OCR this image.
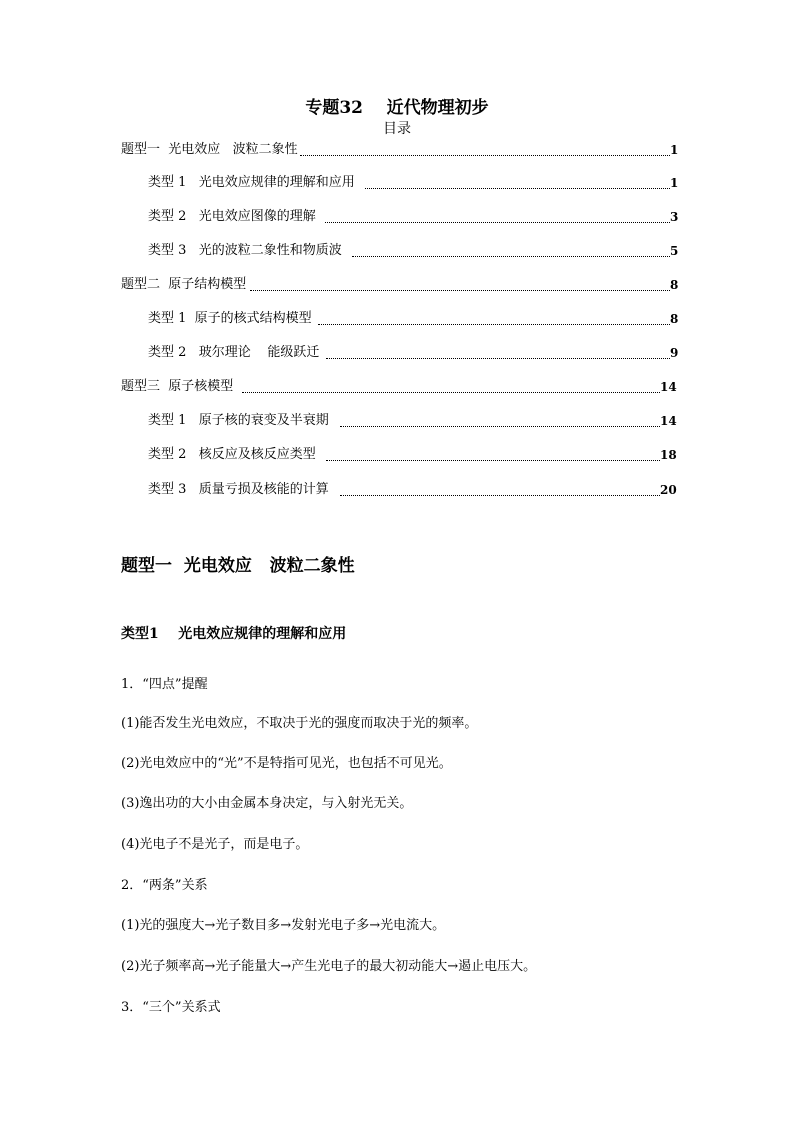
专题32    近代物理初步
目录
题型一  光电效应   波粒二象性	1
类型 1   光电效应规律的理解和应用	1
类型 2   光电效应图像的理解	3
类型 3   光的波粒二象性和物质波	5
题型二  原子结构模型	8
类型 1  原子的核式结构模型	8
类型 2   玻尔理论    能级跃迁	9
题型三  原子核模型	14
类型 1   原子核的衰变及半衰期	14
类型 2   核反应及核反应类型	18
类型 3   质量亏损及核能的计算	20
题型一  光电效应   波粒二象性
类型1    光电效应规律的理解和应用
1．“四点”提醒
(1)能否发生光电效应，不取决于光的强度而取决于光的频率。
(2)光电效应中的“光”不是特指可见光，也包括不可见光。
(3)逸出功的大小由金属本身决定，与入射光无关。
(4)光电子不是光子，而是电子。
2．“两条”关系
(1)光的强度大→光子数目多→发射光电子多→光电流大。
(2)光子频率高→光子能量大→产生光电子的最大初动能大→遏止电压大。
3．“三个”关系式
